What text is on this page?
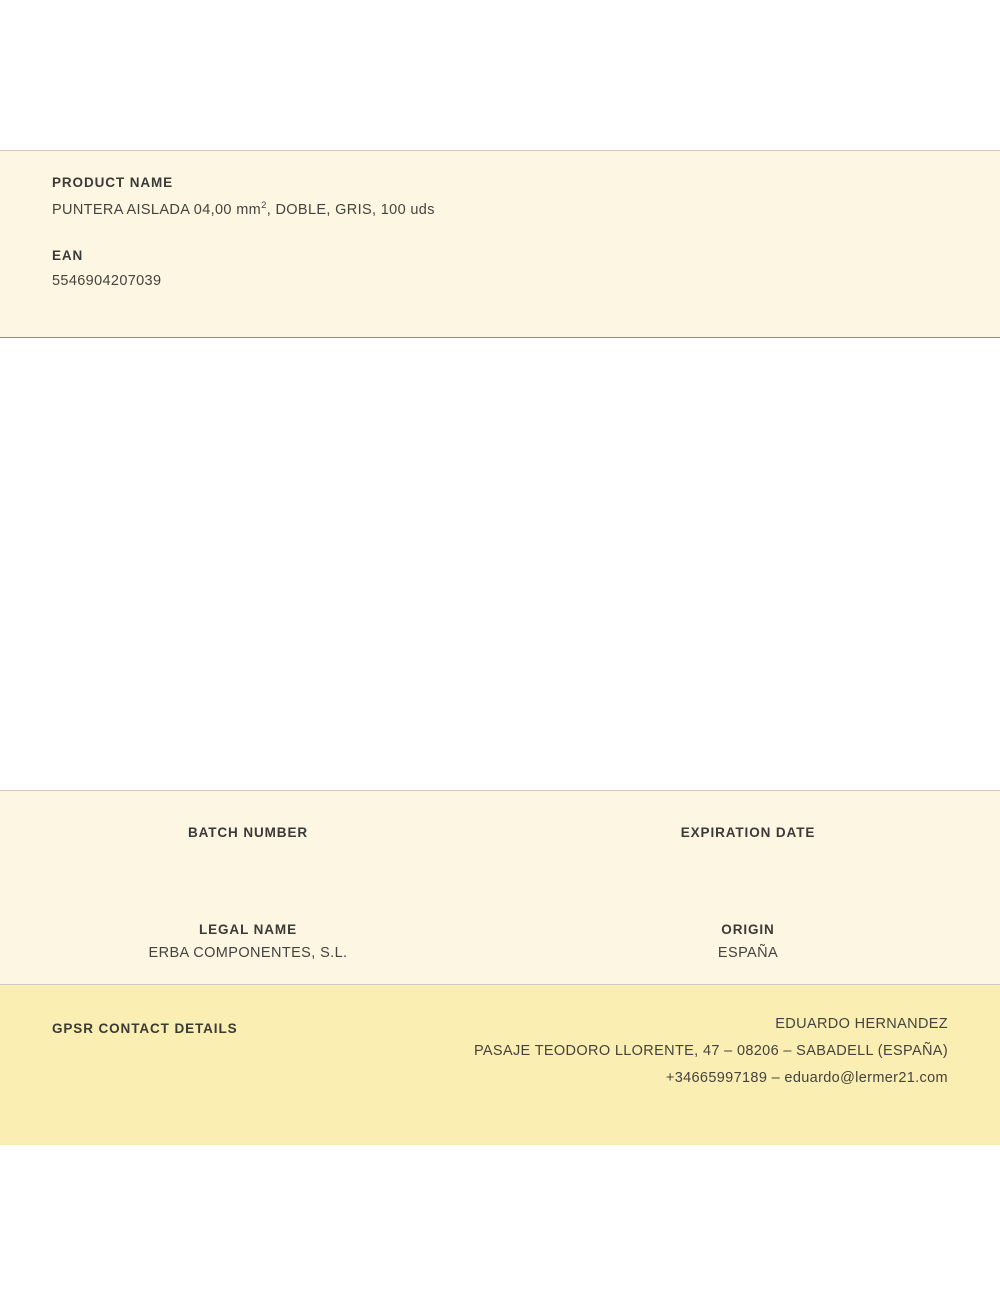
PRODUCT NAME
PUNTERA AISLADA 04,00 $mm^2$, DOBLE, GRIS, 100 uds
EAN
5546904207039
BATCH NUMBER	EXPIRATION DATE
LEGAL NAME
ERBA COMPONENTES, S.L.
ORIGIN
ESPAÑA
GPSR CONTACT DETAILS	EDUARDO HERNANDEZ
PASAJE TEODORO LLORENTE, 47 – 08206 – SABADELL (ESPAÑA)
+34665997189 – eduardo@lermer21.com
